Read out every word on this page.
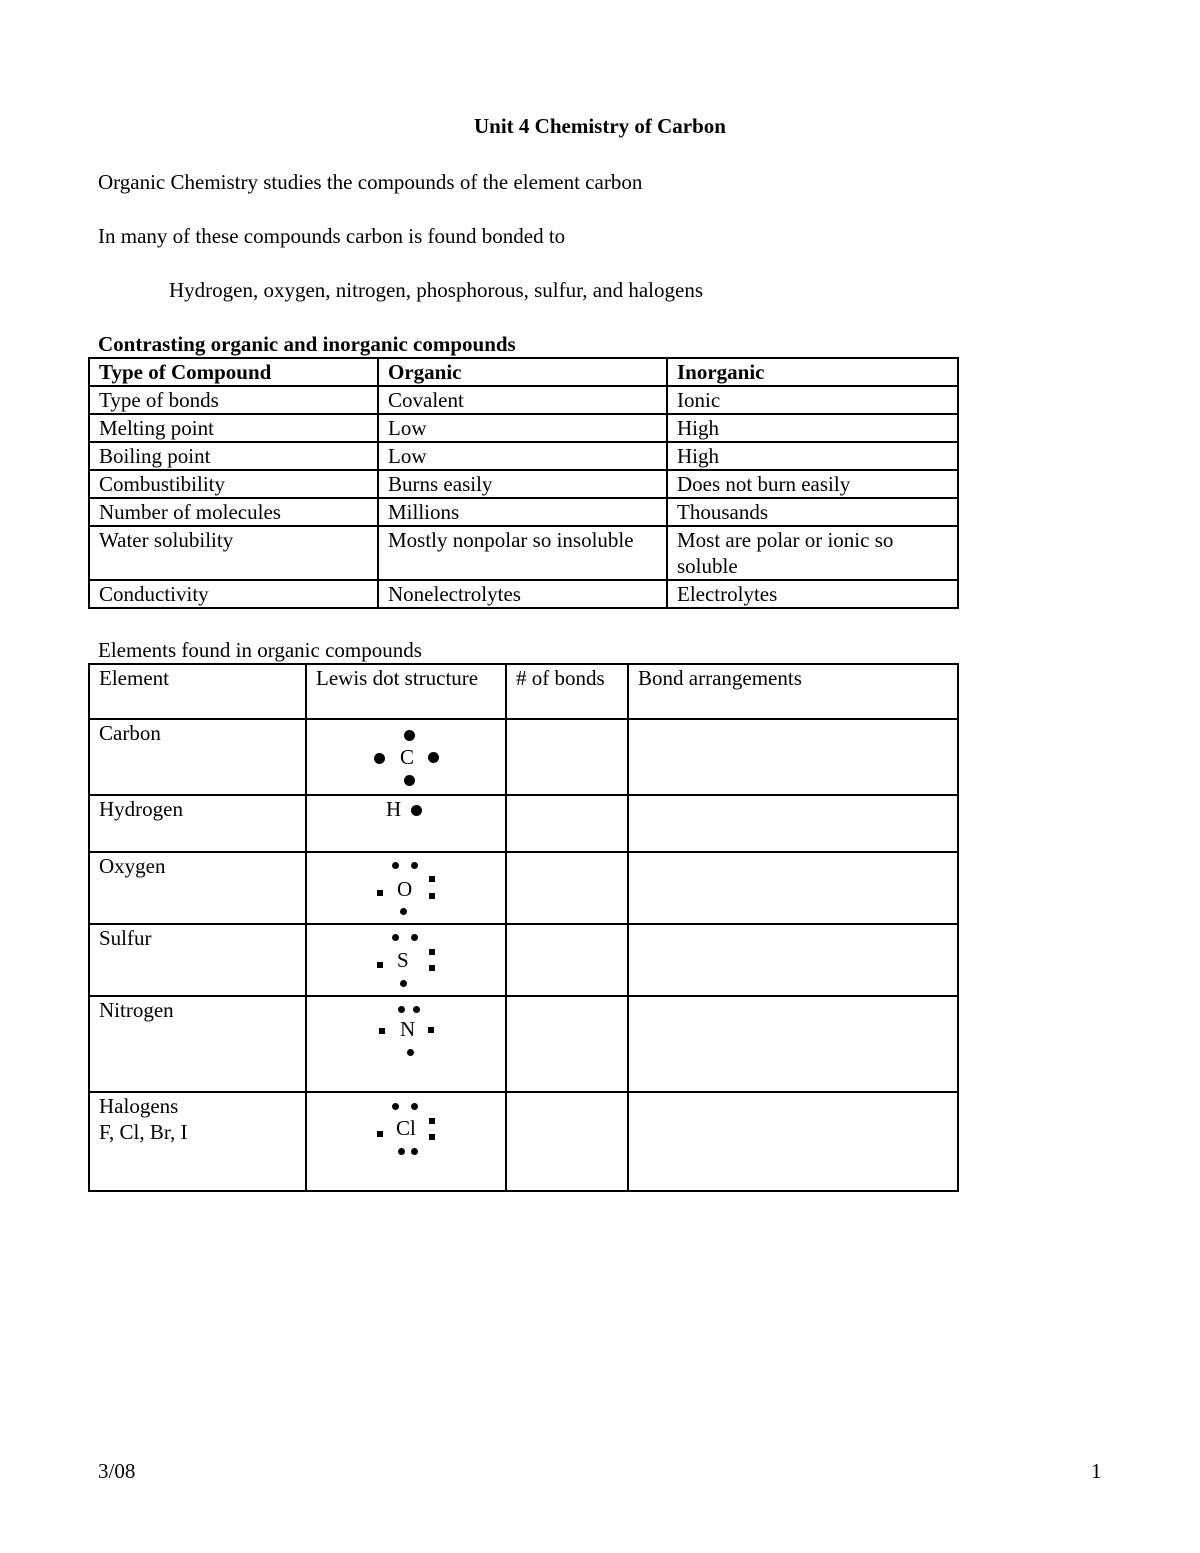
Unit 4 Chemistry of Carbon
Organic Chemistry studies the compounds of the element carbon
In many of these compounds carbon is found bonded to
Hydrogen, oxygen, nitrogen, phosphorous, sulfur, and halogens
Contrasting organic and inorganic compounds
Type of Compound	Organic	Inorganic
Type of bonds	Covalent	Ionic
Melting point	Low	High
Boiling point	Low	High
Combustibility	Burns easily	Does not burn easily
Number of molecules	Millions	Thousands
Water solubility	Mostly nonpolar so insoluble	Most are polar or ionic so soluble
Conductivity	Nonelectrolytes	Electrolytes
Elements found in organic compounds
Element	Lewis dot structure	# of bonds	Bond arrangements
Carbon	C		

Hydrogen	H		

Oxygen	O		

Sulfur	S		

Nitrogen	N		

Halogens
F, Cl, Br, I	Cl		

3/08	1
